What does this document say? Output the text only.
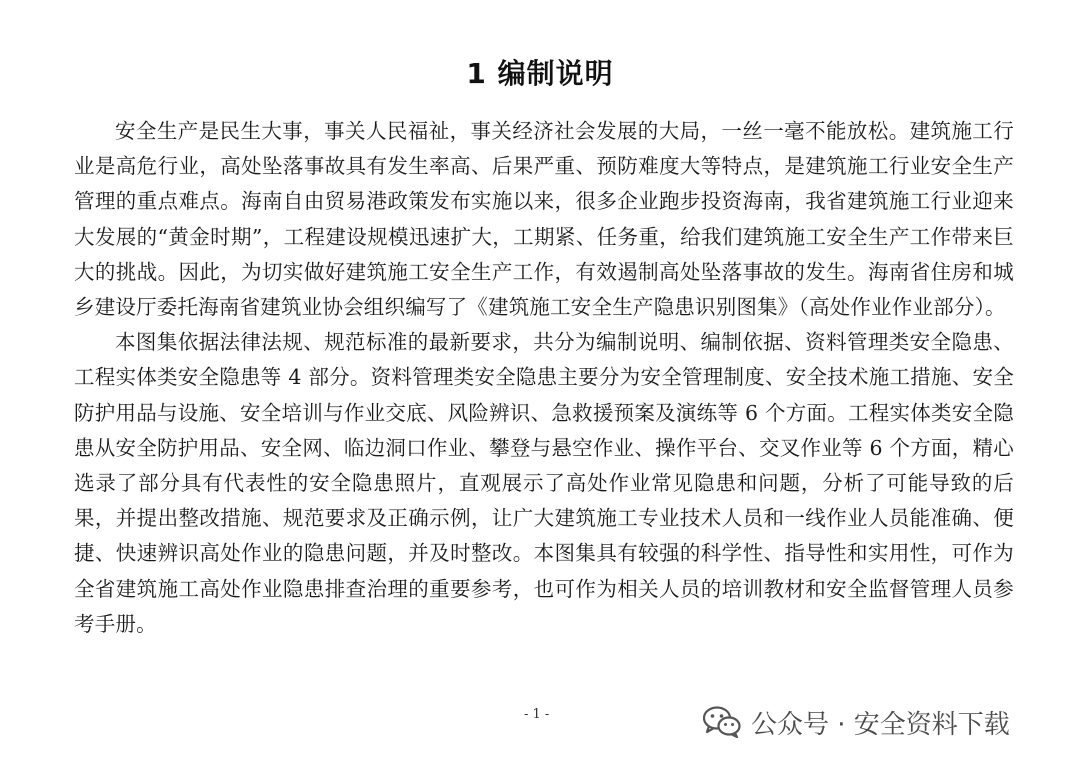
1 编制说明

安全生产是民生大事，事关人民福祉，事关经济社会发展的大局，一丝一毫不能放松。建筑施工行业是高危行业，高处坠落事故具有发生率高、后果严重、预防难度大等特点，是建筑施工行业安全生产管理的重点难点。海南自由贸易港政策发布实施以来，很多企业跑步投资海南，我省建筑施工行业迎来大发展的“黄金时期”，工程建设规模迅速扩大，工期紧、任务重，给我们建筑施工安全生产工作带来巨大的挑战。因此，为切实做好建筑施工安全生产工作，有效遏制高处坠落事故的发生。海南省住房和城乡建设厅委托海南省建筑业协会组织编写了《建筑施工安全生产隐患识别图集》（高处作业作业部分）。

本图集依据法律法规、规范标准的最新要求，共分为编制说明、编制依据、资料管理类安全隐患、工程实体类安全隐患等 4 部分。资料管理类安全隐患主要分为安全管理制度、安全技术施工措施、安全防护用品与设施、安全培训与作业交底、风险辨识、急救援预案及演练等 6 个方面。工程实体类安全隐患从安全防护用品、安全网、临边洞口作业、攀登与悬空作业、操作平台、交叉作业等 6 个方面，精心选录了部分具有代表性的安全隐患照片，直观展示了高处作业常见隐患和问题，分析了可能导致的后果，并提出整改措施、规范要求及正确示例，让广大建筑施工专业技术人员和一线作业人员能准确、便捷、快速辨识高处作业的隐患问题，并及时整改。本图集具有较强的科学性、指导性和实用性，可作为全省建筑施工高处作业隐患排查治理的重要参考，也可作为相关人员的培训教材和安全监督管理人员参考手册。

- 1 -	公众号 · 安全资料下载
